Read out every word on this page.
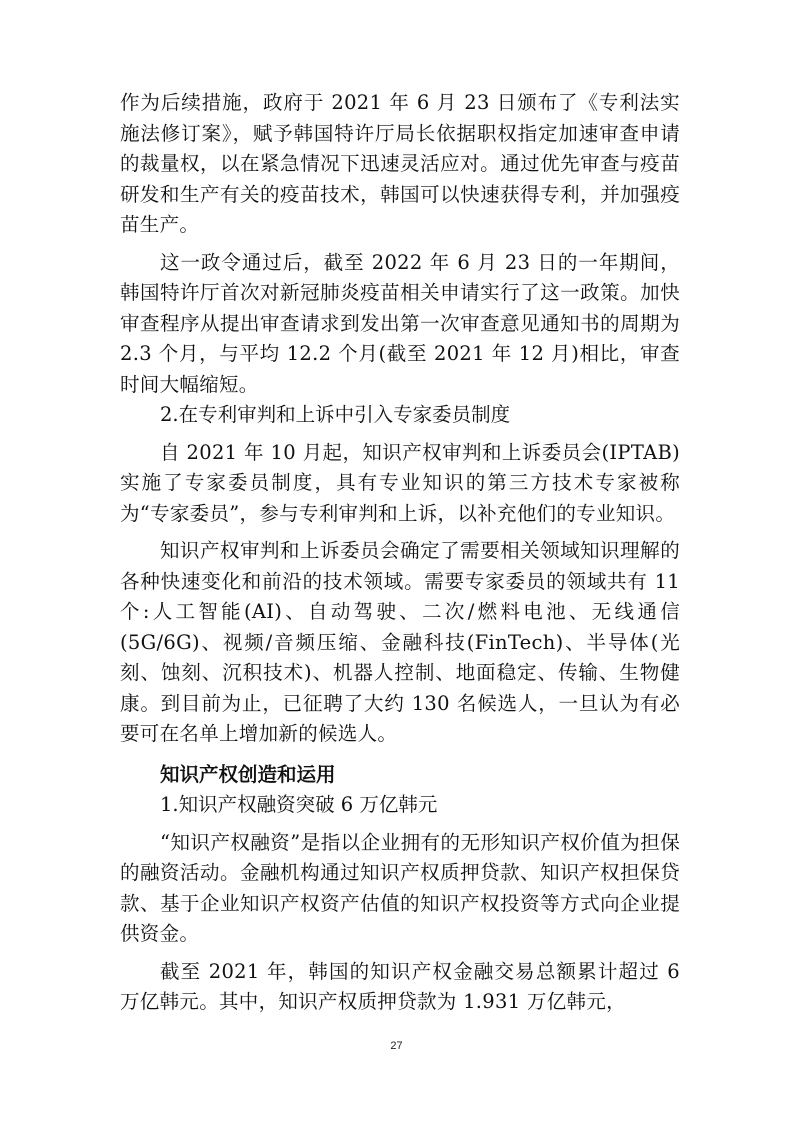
作为后续措施，政府于 2021 年 6 月 23 日颁布了《专利法实施法修订案》，赋予韩国特许厅局长依据职权指定加速审查申请的裁量权，以在紧急情况下迅速灵活应对。通过优先审查与疫苗研发和生产有关的疫苗技术，韩国可以快速获得专利，并加强疫苗生产。

这一政令通过后，截至 2022 年 6 月 23 日的一年期间，韩国特许厅首次对新冠肺炎疫苗相关申请实行了这一政策。加快审查程序从提出审查请求到发出第一次审查意见通知书的周期为 2.3 个月，与平均 12.2 个月(截至 2021 年 12 月)相比，审查时间大幅缩短。

2.在专利审判和上诉中引入专家委员制度

自 2021 年 10 月起，知识产权审判和上诉委员会(IPTAB)实施了专家委员制度，具有专业知识的第三方技术专家被称为“专家委员”，参与专利审判和上诉，以补充他们的专业知识。

知识产权审判和上诉委员会确定了需要相关领域知识理解的各种快速变化和前沿的技术领域。需要专家委员的领域共有 11 个:人工智能(AI)、自动驾驶、二次/燃料电池、无线通信(5G/6G)、视频/音频压缩、金融科技(FinTech)、半导体(光刻、蚀刻、沉积技术)、机器人控制、地面稳定、传输、生物健康。到目前为止，已征聘了大约 130 名候选人，一旦认为有必要可在名单上增加新的候选人。

知识产权创造和运用

1.知识产权融资突破 6 万亿韩元

“知识产权融资”是指以企业拥有的无形知识产权价值为担保的融资活动。金融机构通过知识产权质押贷款、知识产权担保贷款、基于企业知识产权资产估值的知识产权投资等方式向企业提供资金。

截至 2021 年，韩国的知识产权金融交易总额累计超过 6 万亿韩元。其中，知识产权质押贷款为 1.931 万亿韩元，

27
